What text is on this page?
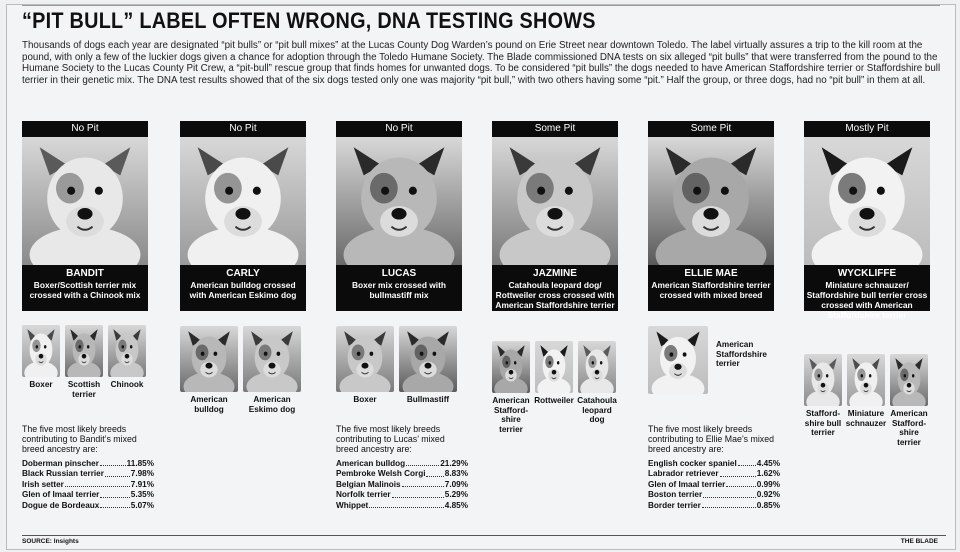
“PIT BULL” LABEL OFTEN WRONG, DNA TESTING SHOWS
Thousands of dogs each year are designated “pit bulls” or “pit bull mixes” at the Lucas County Dog Warden’s pound on Erie Street near downtown Toledo. The label virtually assures a trip to the kill room at the pound, with only a few of the luckier dogs given a chance for adoption through the Toledo Humane Society. The Blade commissioned DNA tests on six alleged “pit bulls” that were transferred from the pound to the Humane Society to the Lucas County Pit Crew, a “pit-bull” rescue group that finds homes for unwanted dogs. To be considered “pit bulls” the dogs needed to have American Staffordshire terrier or Staffordshire bull terrier in their genetic mix. The DNA test results showed that of the six dogs tested only one was majority “pit bull,” with two others having some “pit.” Half the group, or three dogs, had no “pit bull” in them at all.
No Pit
BANDIT
Boxer/Scottish terrier mix crossed with a Chinook mix
Boxer	Scottish terrier
Chinook
No Pit
CARLY
American bulldog crossed with American Eskimo dog
American bulldog
American Eskimo dog
No Pit
LUCAS
Boxer mix crossed with bullmastiff mix
Boxer	Bullmastiff
Some Pit
JAZMINE
Catahoula leopard dog/ Rottweiler cross crossed with American Staffordshire terrier
American Stafford-shire terrier
Rottweiler Catahoula leopard dog
Some Pit
ELLIE MAE
American Staffordshire terrier crossed with mixed breed
American Staffordshire terrier
Mostly Pit
WYCKLIFFE
Miniature schnauzer/ Staffordshire bull terrier cross crossed with American Staffordshire terrier
Stafford-shire bull terrier
Miniature schnauzer
American Stafford-shire terrier
SOURCE: Insights	THE BLADE
The five most likely breeds contributing to Bandit’s mixed breed ancestry are:
Doberman pinscher	11.85%
Black Russian terrier	7.98%
Irish setter	7.91%
Glen of Imaal terrier	5.35%
Dogue de Bordeaux	5.07%
The five most likely breeds contributing to Lucas’ mixed breed ancestry are:
American bulldog	21.29%
Pembroke Welsh Corgi 8.83%
Belgian Malinois	7.09%
Norfolk terrier	5.29%
Whippet	4.85%
The five most likely breeds contributing to Ellie Mae’s mixed breed ancestry are:
English cocker spaniel 4.45%
Labrador retriever	1.62%
Glen of Imaal terrier	0.99%
Boston terrier	0.92%
Border terrier	0.85%
